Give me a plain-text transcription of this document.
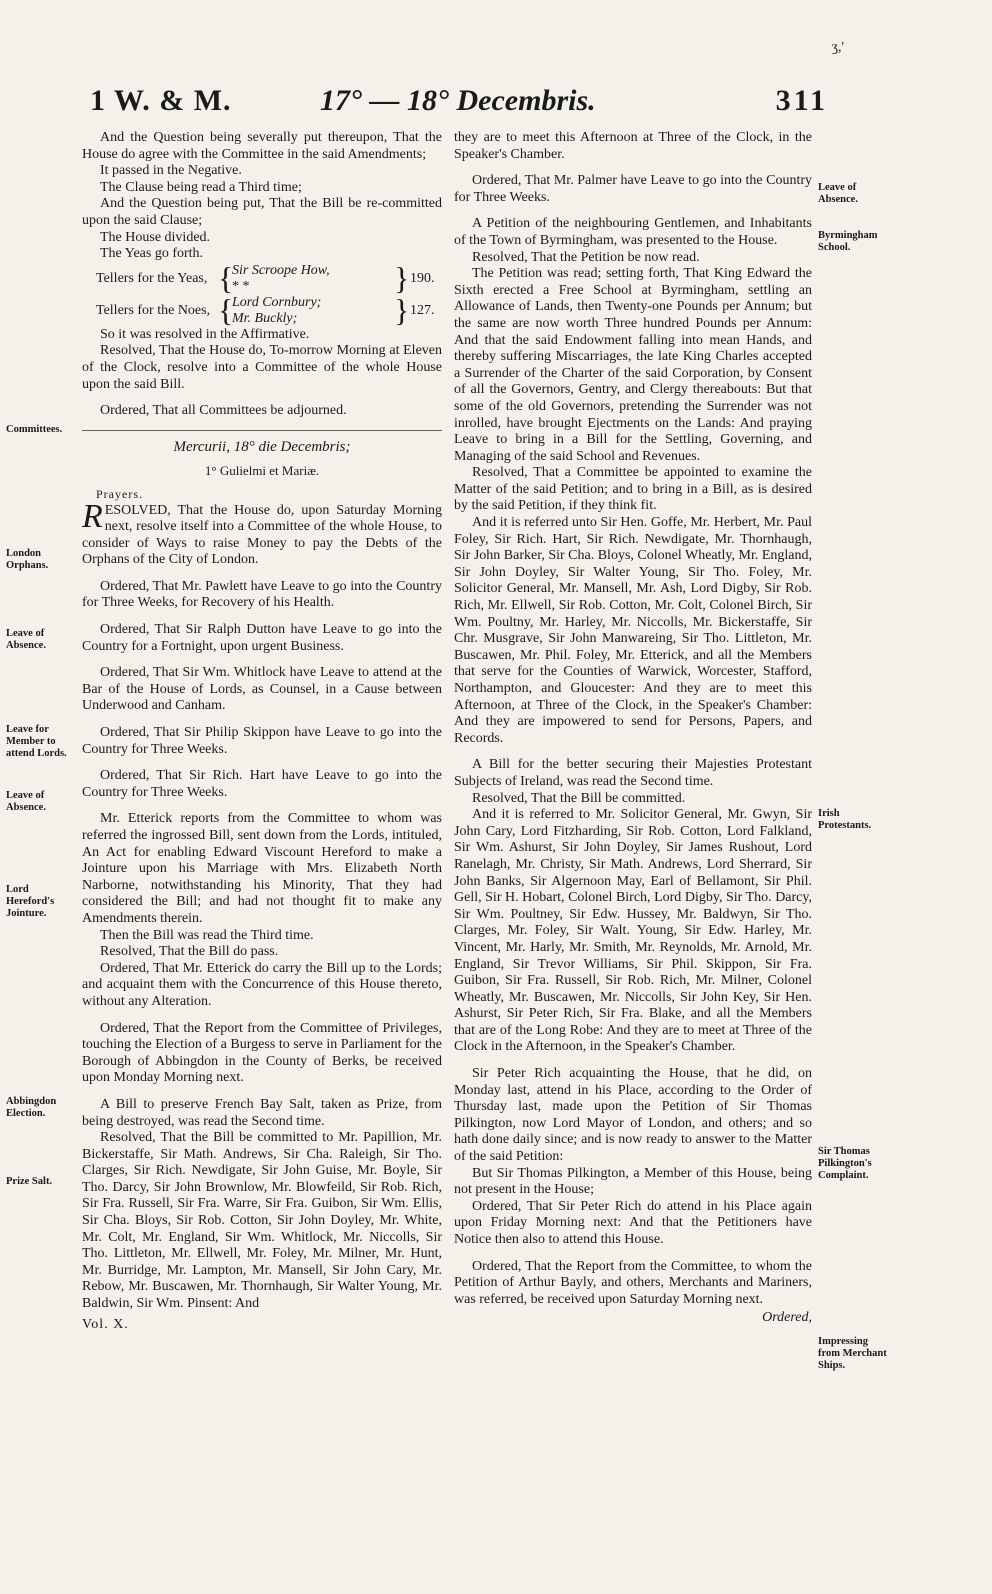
1 W. & M.	17° — 18° Decembris.	311
ʒ,'

And the Question being severally put thereupon, That the House do agree with the Committee in the said Amendments;

It passed in the Negative.

The Clause being read a Third time;

And the Question being put, That the Bill be re-committed upon the said Clause;

The House divided.

The Yeas go forth.

Tellers for the Yeas, {
Sir Scroope How,
* *	} 190.
Tellers for the Noes, {
Lord Cornbury;
Mr. Buckly;	} 127.

So it was resolved in the Affirmative.

Resolved, That the House do, To-morrow Morning at Eleven of the Clock, resolve into a Committee of the whole House upon the said Bill.

Ordered, That all Committees be adjourned.

Mercurii, 18° die Decembris;

1° Gulielmi et Mariæ.

Prayers.

RESOLVED, That the House do, upon Saturday Morning next, resolve itself into a Committee of the whole House, to consider of Ways to raise Money to pay the Debts of the Orphans of the City of London.

Ordered, That Mr. Pawlett have Leave to go into the Country for Three Weeks, for Recovery of his Health.

Ordered, That Sir Ralph Dutton have Leave to go into the Country for a Fortnight, upon urgent Business.

Ordered, That Sir Wm. Whitlock have Leave to attend at the Bar of the House of Lords, as Counsel, in a Cause between Underwood and Canham.

Ordered, That Sir Philip Skippon have Leave to go into the Country for Three Weeks.

Ordered, That Sir Rich. Hart have Leave to go into the Country for Three Weeks.

Mr. Etterick reports from the Committee to whom was referred the ingrossed Bill, sent down from the Lords, intituled, An Act for enabling Edward Viscount Hereford to make a Jointure upon his Marriage with Mrs. Elizabeth North Narborne, notwithstanding his Minority, That they had considered the Bill; and had not thought fit to make any Amendments therein.

Then the Bill was read the Third time.

Resolved, That the Bill do pass.

Ordered, That Mr. Etterick do carry the Bill up to the Lords; and acquaint them with the Concurrence of this House thereto, without any Alteration.

Ordered, That the Report from the Committee of Privileges, touching the Election of a Burgess to serve in Parliament for the Borough of Abbingdon in the County of Berks, be received upon Monday Morning next.

A Bill to preserve French Bay Salt, taken as Prize, from being destroyed, was read the Second time.

Resolved, That the Bill be committed to Mr. Papillion, Mr. Bickerstaffe, Sir Math. Andrews, Sir Cha. Raleigh, Sir Tho. Clarges, Sir Rich. Newdigate, Sir John Guise, Mr. Boyle, Sir Tho. Darcy, Sir John Brownlow, Mr. Blowfeild, Sir Rob. Rich, Sir Fra. Russell, Sir Fra. Warre, Sir Fra. Guibon, Sir Wm. Ellis, Sir Cha. Bloys, Sir Rob. Cotton, Sir John Doyley, Mr. White, Mr. Colt, Mr. England, Sir Wm. Whitlock, Mr. Niccolls, Sir Tho. Littleton, Mr. Ellwell, Mr. Foley, Mr. Milner, Mr. Hunt, Mr. Burridge, Mr. Lampton, Mr. Mansell, Sir John Cary, Mr. Rebow, Mr. Buscawen, Mr. Thornhaugh, Sir Walter Young, Mr. Baldwin, Sir Wm. Pinsent: And

Vol. X.

Committees.
London Orphans.
Leave of Absence.
Leave for Member to attend Lords.
Leave of Absence.
Lord Hereford's Jointure.
Abbingdon Election.
Prize Salt.

they are to meet this Afternoon at Three of the Clock, in the Speaker's Chamber.

Ordered, That Mr. Palmer have Leave to go into the Country for Three Weeks.

A Petition of the neighbouring Gentlemen, and Inhabitants of the Town of Byrmingham, was presented to the House.

Resolved, That the Petition be now read.

The Petition was read; setting forth, That King Edward the Sixth erected a Free School at Byrmingham, settling an Allowance of Lands, then Twenty-one Pounds per Annum; but the same are now worth Three hundred Pounds per Annum: And that the said Endowment falling into mean Hands, and thereby suffering Miscarriages, the late King Charles accepted a Surrender of the Charter of the said Corporation, by Consent of all the Governors, Gentry, and Clergy thereabouts: But that some of the old Governors, pretending the Surrender was not inrolled, have brought Ejectments on the Lands: And praying Leave to bring in a Bill for the Settling, Governing, and Managing of the said School and Revenues.

Resolved, That a Committee be appointed to examine the Matter of the said Petition; and to bring in a Bill, as is desired by the said Petition, if they think fit.

And it is referred unto Sir Hen. Goffe, Mr. Herbert, Mr. Paul Foley, Sir Rich. Hart, Sir Rich. Newdigate, Mr. Thornhaugh, Sir John Barker, Sir Cha. Bloys, Colonel Wheatly, Mr. England, Sir John Doyley, Sir Walter Young, Sir Tho. Foley, Mr. Solicitor General, Mr. Mansell, Mr. Ash, Lord Digby, Sir Rob. Rich, Mr. Ellwell, Sir Rob. Cotton, Mr. Colt, Colonel Birch, Sir Wm. Poultny, Mr. Harley, Mr. Niccolls, Mr. Bickerstaffe, Sir Chr. Musgrave, Sir John Manwareing, Sir Tho. Littleton, Mr. Buscawen, Mr. Phil. Foley, Mr. Etterick, and all the Members that serve for the Counties of Warwick, Worcester, Stafford, Northampton, and Gloucester: And they are to meet this Afternoon, at Three of the Clock, in the Speaker's Chamber: And they are impowered to send for Persons, Papers, and Records.

A Bill for the better securing their Majesties Protestant Subjects of Ireland, was read the Second time.

Resolved, That the Bill be committed.

And it is referred to Mr. Solicitor General, Mr. Gwyn, Sir John Cary, Lord Fitzharding, Sir Rob. Cotton, Lord Falkland, Sir Wm. Ashurst, Sir John Doyley, Sir James Rushout, Lord Ranelagh, Mr. Christy, Sir Math. Andrews, Lord Sherrard, Sir John Banks, Sir Algernoon May, Earl of Bellamont, Sir Phil. Gell, Sir H. Hobart, Colonel Birch, Lord Digby, Sir Tho. Darcy, Sir Wm. Poultney, Sir Edw. Hussey, Mr. Baldwyn, Sir Tho. Clarges, Mr. Foley, Sir Walt. Young, Sir Edw. Harley, Mr. Vincent, Mr. Harly, Mr. Smith, Mr. Reynolds, Mr. Arnold, Mr. England, Sir Trevor Williams, Sir Phil. Skippon, Sir Fra. Guibon, Sir Fra. Russell, Sir Rob. Rich, Mr. Milner, Colonel Wheatly, Mr. Buscawen, Mr. Niccolls, Sir John Key, Sir Hen. Ashurst, Sir Peter Rich, Sir Fra. Blake, and all the Members that are of the Long Robe: And they are to meet at Three of the Clock in the Afternoon, in the Speaker's Chamber.

Sir Peter Rich acquainting the House, that he did, on Monday last, attend in his Place, according to the Order of Thursday last, made upon the Petition of Sir Thomas Pilkington, now Lord Mayor of London, and others; and so hath done daily since; and is now ready to answer to the Matter of the said Petition:

But Sir Thomas Pilkington, a Member of this House, being not present in the House;

Ordered, That Sir Peter Rich do attend in his Place again upon Friday Morning next: And that the Petitioners have Notice then also to attend this House.

Ordered, That the Report from the Committee, to whom the Petition of Arthur Bayly, and others, Merchants and Mariners, was referred, be received upon Saturday Morning next.

Ordered,

Leave of Absence.
Byrmingham School.
Irish Protestants.
Sir Thomas Pilkington's Complaint.
Impressing from Merchant Ships.
